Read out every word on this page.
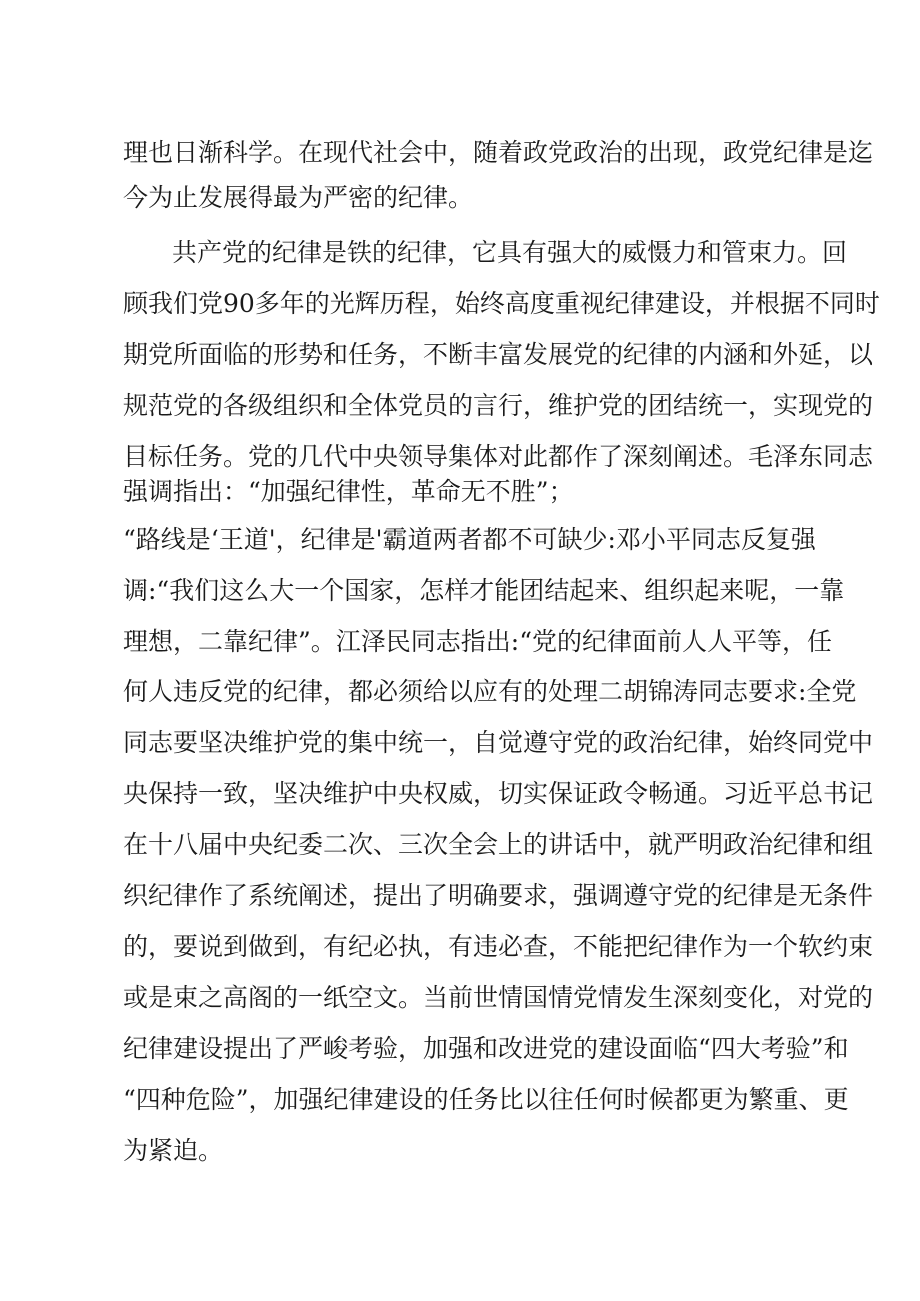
理也日渐科学。在现代社会中，随着政党政治的出现，政党纪律是迄

今为止发展得最为严密的纪律。

共产党的纪律是铁的纪律，它具有强大的威慑力和管束力。回

顾我们党90多年的光辉历程，始终高度重视纪律建设，并根据不同时

期党所面临的形势和任务，不断丰富发展党的纪律的内涵和外延，以

规范党的各级组织和全体党员的言行，维护党的团结统一，实现党的

目标任务。党的几代中央领导集体对此都作了深刻阐述。毛泽东同志

强调指出：“加强纪律性，革命无不胜”；

“路线是‘王道'，纪律是'霸道两者都不可缺少:邓小平同志反复强

调:“我们这么大一个国家，怎样才能团结起来、组织起来呢，一靠

理想，二靠纪律”。江泽民同志指出:“党的纪律面前人人平等，任

何人违反党的纪律，都必须给以应有的处理二胡锦涛同志要求:全党

同志要坚决维护党的集中统一，自觉遵守党的政治纪律，始终同党中

央保持一致，坚决维护中央权威，切实保证政令畅通。习近平总书记

在十八届中央纪委二次、三次全会上的讲话中，就严明政治纪律和组

织纪律作了系统阐述，提出了明确要求，强调遵守党的纪律是无条件

的，要说到做到，有纪必执，有违必查，不能把纪律作为一个软约束

或是束之高阁的一纸空文。当前世情国情党情发生深刻变化，对党的

纪律建设提出了严峻考验，加强和改进党的建设面临“四大考验”和

“四种危险”，加强纪律建设的任务比以往任何时候都更为繁重、更

为紧迫。
